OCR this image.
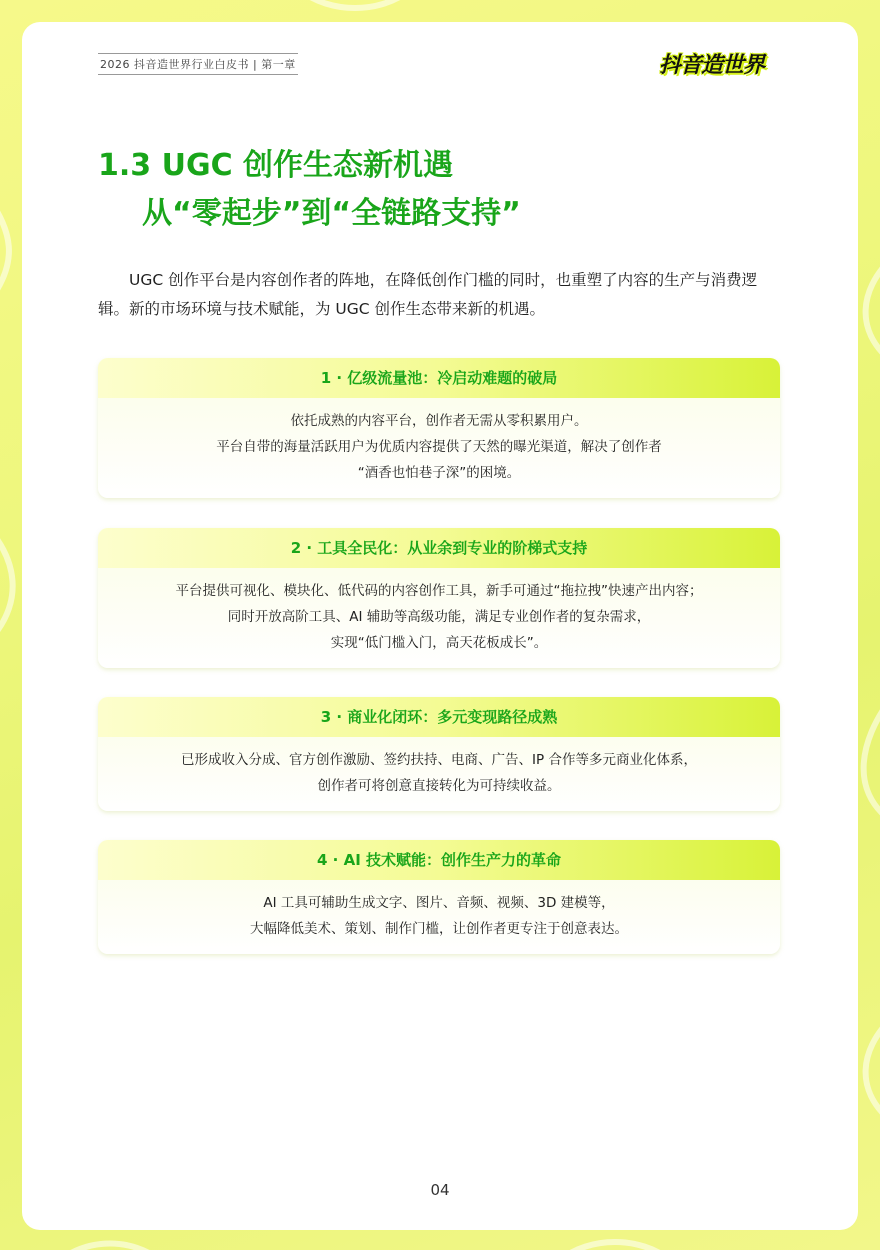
2026 抖音造世界行业白皮书 | 第一章	抖音造世界
1.3 UGC 创作生态新机遇
从“零起步”到“全链路支持”
UGC 创作平台是内容创作者的阵地，在降低创作门槛的同时，也重塑了内容的生产与消费逻辑。新的市场环境与技术赋能，为 UGC 创作生态带来新的机遇。
1 · 亿级流量池：冷启动难题的破局
依托成熟的内容平台，创作者无需从零积累用户。
平台自带的海量活跃用户为优质内容提供了天然的曝光渠道，解决了创作者
“酒香也怕巷子深”的困境。
2 · 工具全民化：从业余到专业的阶梯式支持
平台提供可视化、模块化、低代码的内容创作工具，新手可通过“拖拉拽”快速产出内容；
同时开放高阶工具、AI 辅助等高级功能，满足专业创作者的复杂需求，
实现“低门槛入门，高天花板成长”。
3 · 商业化闭环：多元变现路径成熟
已形成收入分成、官方创作激励、签约扶持、电商、广告、IP 合作等多元商业化体系，
创作者可将创意直接转化为可持续收益。
4 · AI 技术赋能：创作生产力的革命
AI 工具可辅助生成文字、图片、音频、视频、3D 建模等，
大幅降低美术、策划、制作门槛，让创作者更专注于创意表达。
04
